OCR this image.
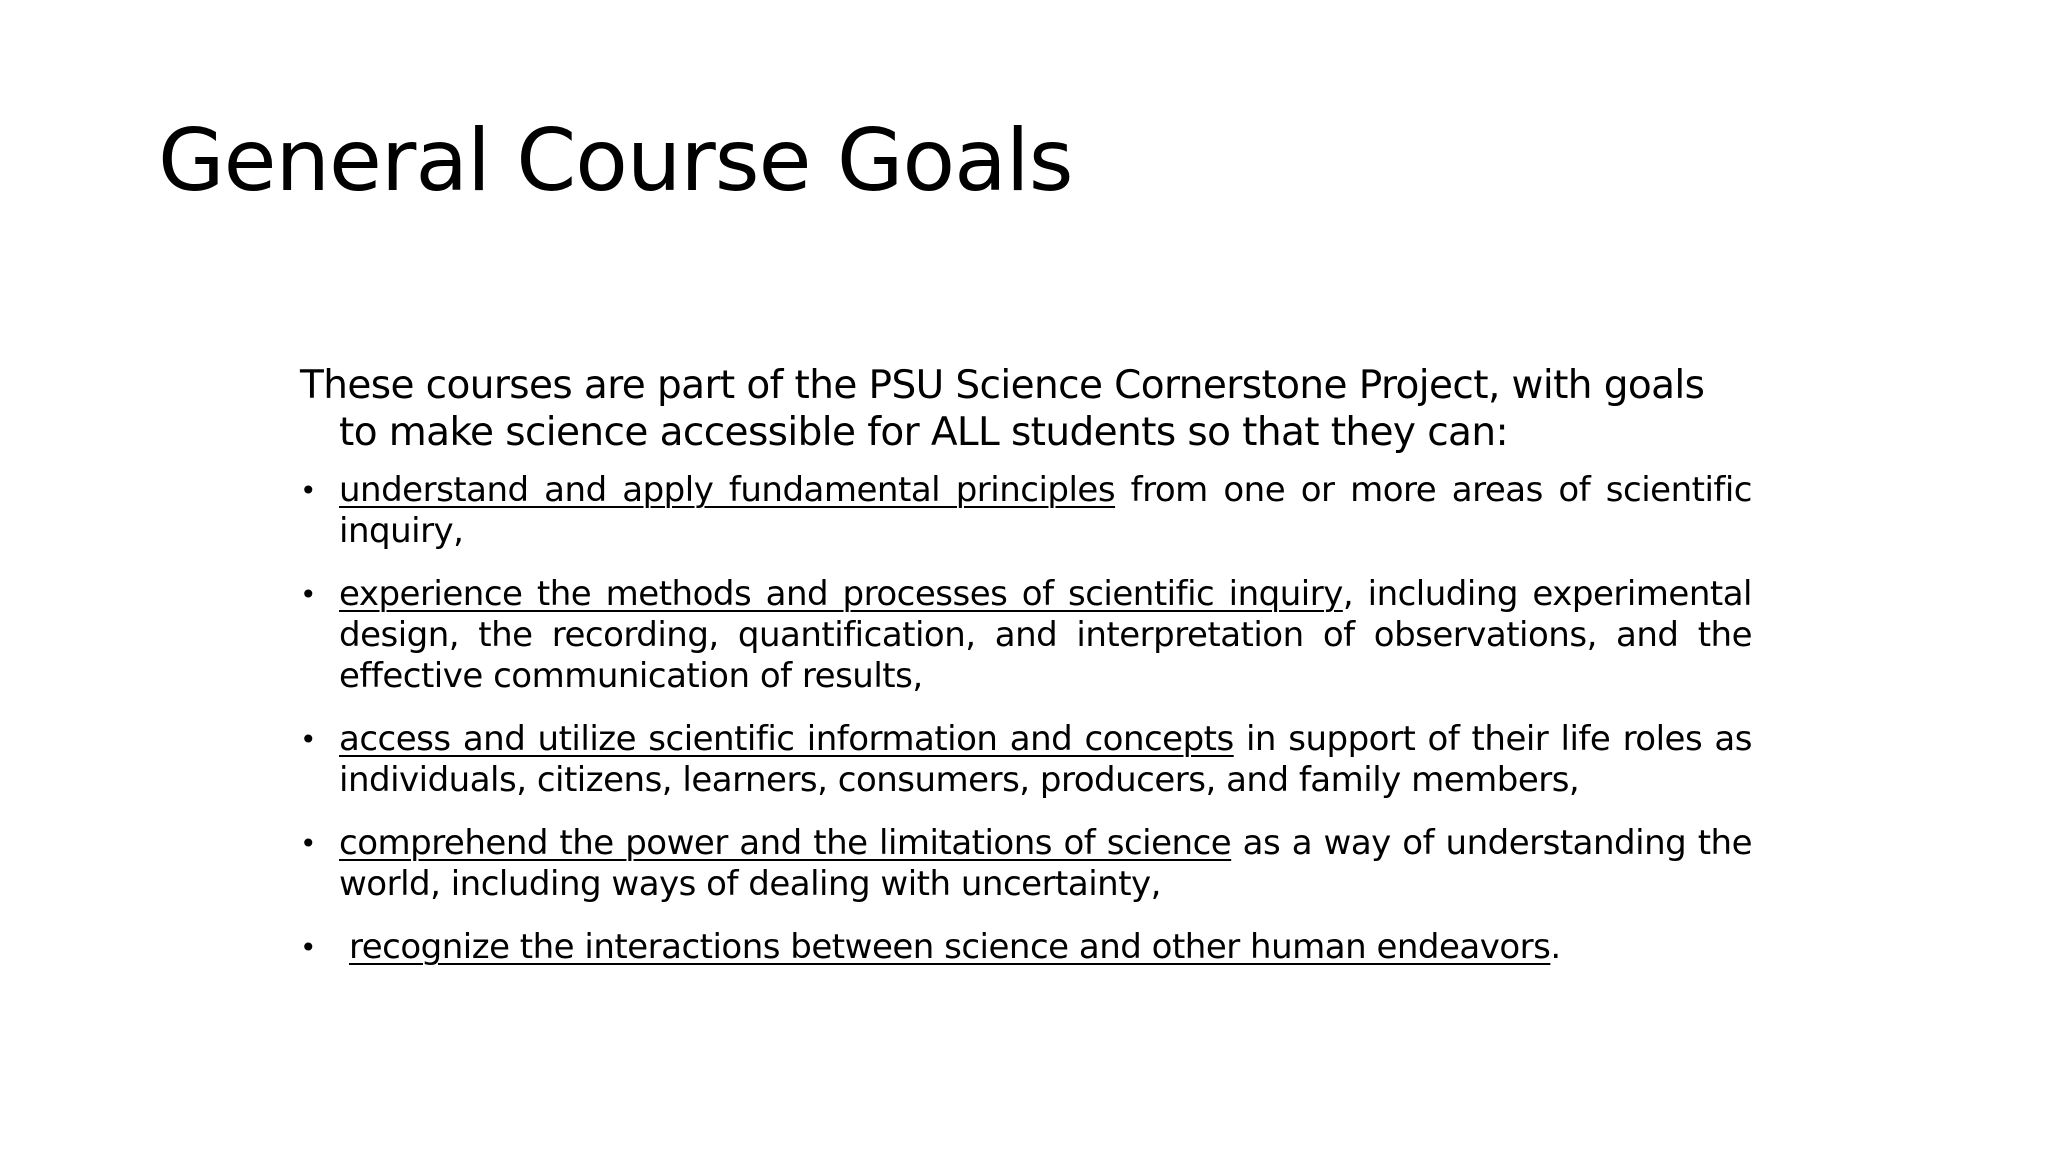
General Course Goals

These courses are part of the PSU Science Cornerstone Project, with goals to make science accessible for ALL students so that they can:

• understand and apply fundamental principles from one or more areas of scientific inquiry,
• experience the methods and processes of scientific inquiry, including experimental design, the recording, quantification, and interpretation of observations, and the effective communication of results,
• access and utilize scientific information and concepts in support of their life roles as individuals, citizens, learners, consumers, producers, and family members,
• comprehend the power and the limitations of science as a way of understanding the world, including ways of dealing with uncertainty,
• recognize the interactions between science and other human endeavors.
